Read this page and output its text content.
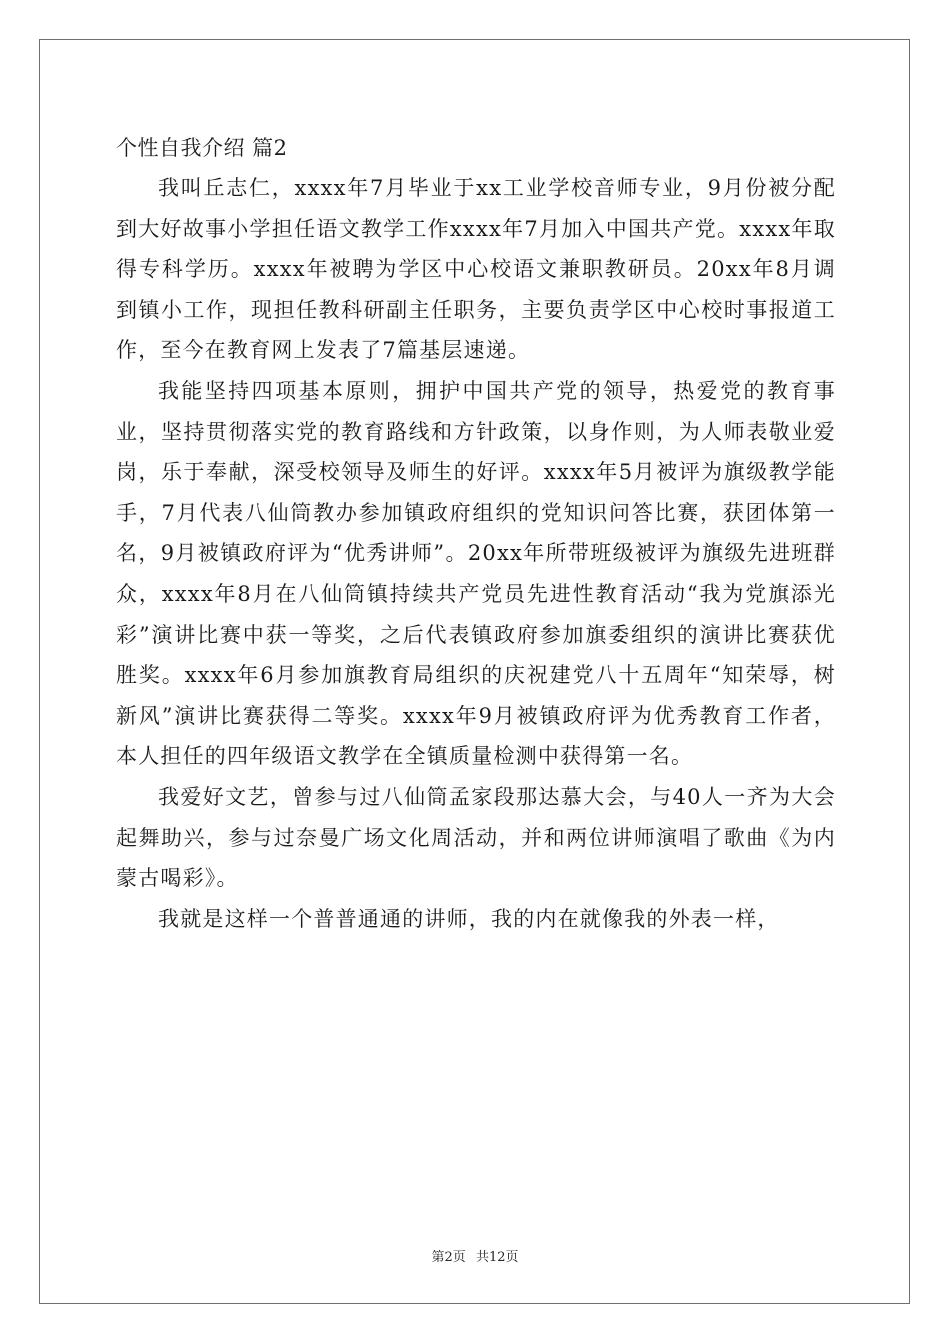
个性自我介绍 篇2

我叫丘志仁，xxxx年7月毕业于xx工业学校音师专业，9月份被分配到大好故事小学担任语文教学工作xxxx年7月加入中国共产党。xxxx年取得专科学历。xxxx年被聘为学区中心校语文兼职教研员。20xx年8月调到镇小工作，现担任教科研副主任职务，主要负责学区中心校时事报道工作，至今在教育网上发表了7篇基层速递。

我能坚持四项基本原则，拥护中国共产党的领导，热爱党的教育事业，坚持贯彻落实党的教育路线和方针政策，以身作则，为人师表敬业爱岗，乐于奉献，深受校领导及师生的好评。xxxx年5月被评为旗级教学能手，7月代表八仙筒教办参加镇政府组织的党知识问答比赛，获团体第一名，9月被镇政府评为“优秀讲师”。20xx年所带班级被评为旗级先进班群众，xxxx年8月在八仙筒镇持续共产党员先进性教育活动“我为党旗添光彩”演讲比赛中获一等奖，之后代表镇政府参加旗委组织的演讲比赛获优胜奖。xxxx年6月参加旗教育局组织的庆祝建党八十五周年“知荣辱，树新风”演讲比赛获得二等奖。xxxx年9月被镇政府评为优秀教育工作者，本人担任的四年级语文教学在全镇质量检测中获得第一名。

我爱好文艺，曾参与过八仙筒孟家段那达慕大会，与40人一齐为大会起舞助兴，参与过奈曼广场文化周活动，并和两位讲师演唱了歌曲《为内蒙古喝彩》。

我就是这样一个普普通通的讲师，我的内在就像我的外表一样，

第2页 共12页
